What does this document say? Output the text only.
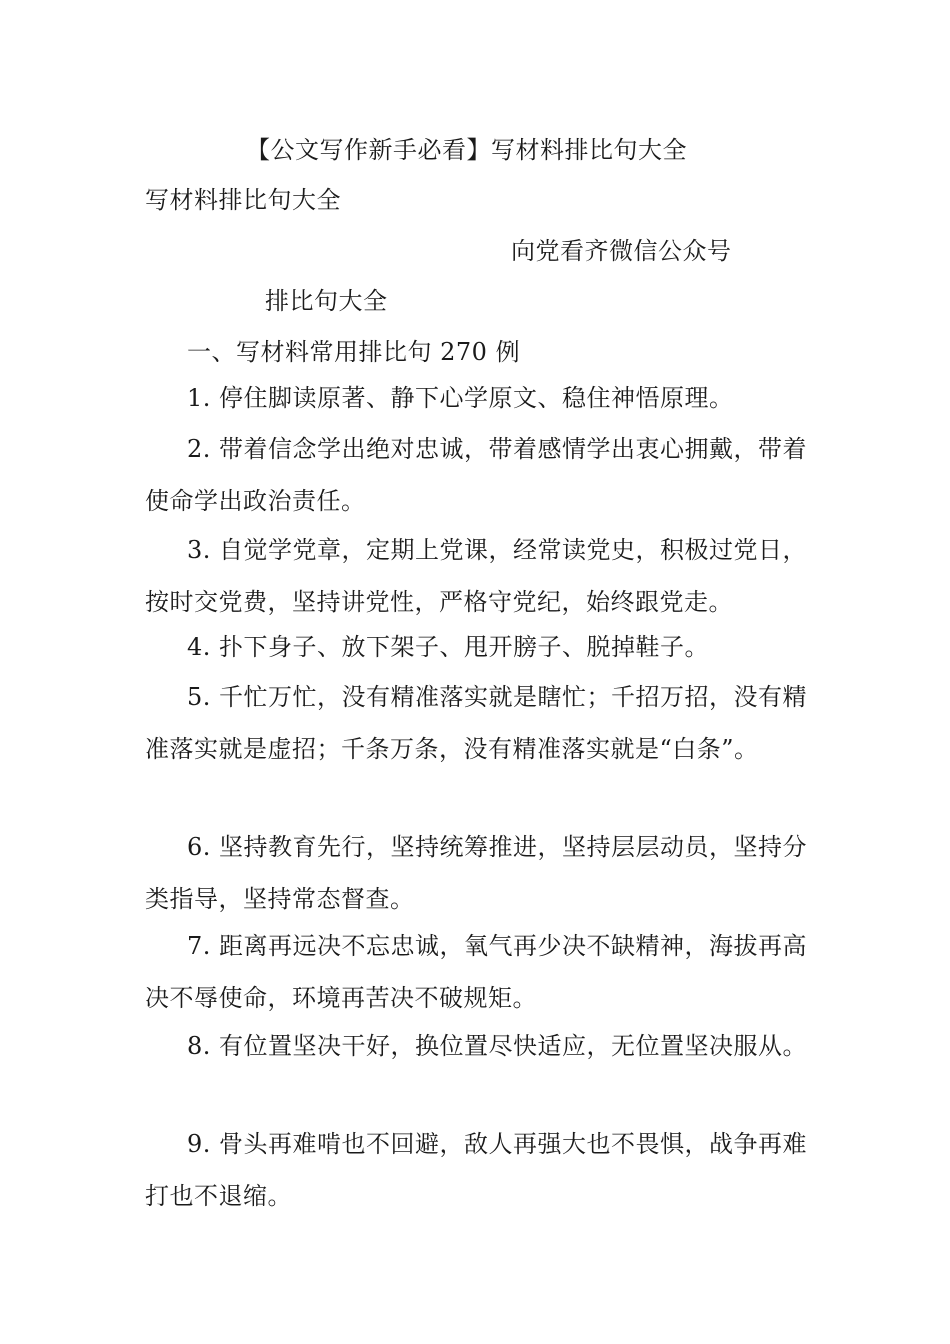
【公文写作新手必看】写材料排比句大全
写材料排比句大全
向党看齐微信公众号
排比句大全
一、写材料常用排比句 270 例
1. 停住脚读原著、静下心学原文、稳住神悟原理。
2. 带着信念学出绝对忠诚，带着感情学出衷心拥戴，带着使命学出政治责任。
3. 自觉学党章，定期上党课，经常读党史，积极过党日，按时交党费，坚持讲党性，严格守党纪，始终跟党走。
4. 扑下身子、放下架子、甩开膀子、脱掉鞋子。
5. 千忙万忙，没有精准落实就是瞎忙；千招万招，没有精准落实就是虚招；千条万条，没有精准落实就是“白条”。
6. 坚持教育先行，坚持统筹推进，坚持层层动员，坚持分类指导，坚持常态督查。
7. 距离再远决不忘忠诚，氧气再少决不缺精神，海拔再高决不辱使命，环境再苦决不破规矩。
8. 有位置坚决干好，换位置尽快适应，无位置坚决服从。
9. 骨头再难啃也不回避，敌人再强大也不畏惧，战争再难打也不退缩。
